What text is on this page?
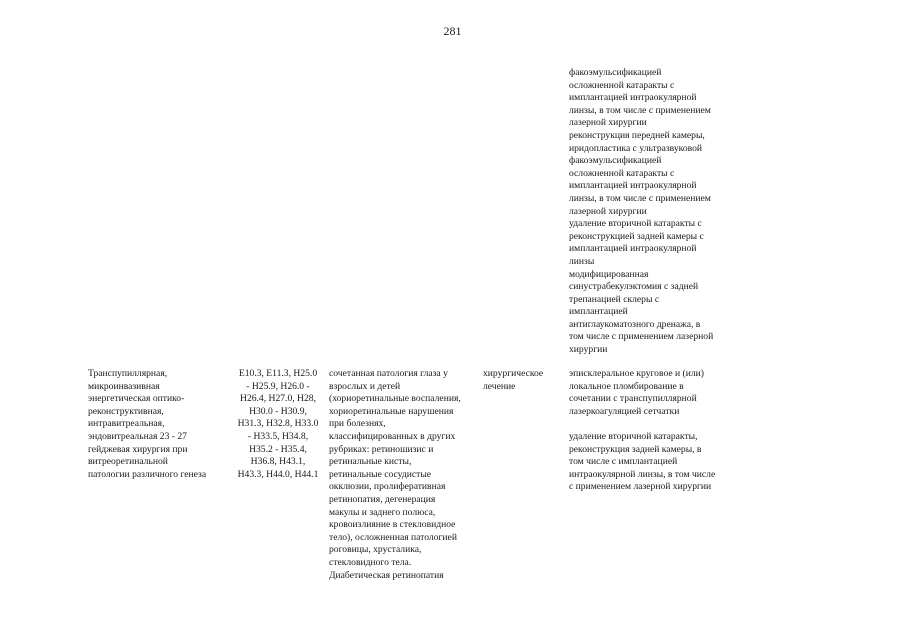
281
факоэмульсификацией
осложненной катаракты с
имплантацией интраокулярной
линзы, в том числе с применением
лазерной хирургии
реконструкция передней камеры,
иридопластика с ультразвуковой
факоэмульсификацией
осложненной катаракты с
имплантацией интраокулярной
линзы, в том числе с применением
лазерной хирургии
удаление вторичной катаракты с
реконструкцией задней камеры с
имплантацией интраокулярной
линзы
модифицированная
синустрабекулэктомия с задней
трепанацией склеры с
имплантацией
антиглаукоматозного дренажа, в
том числе с применением лазерной
хирургии
Транспупиллярная,
микроинвазивная
энергетическая оптико-
реконструктивная,
интравитреальная,
эндовитреальная 23 - 27
гейджевая хирургия при
витреоретинальной
патологии различного генеза
E10.3, E11.3, H25.0
- H25.9, H26.0 -
H26.4, H27.0, H28,
H30.0 - H30.9,
H31.3, H32.8, H33.0
- H33.5, H34.8,
H35.2 - H35.4,
H36.8, H43.1,
H43.3, H44.0, H44.1
сочетанная патология глаза у
взрослых и детей
(хориоретинальные воспаления,
хориоретинальные нарушения
при болезнях,
классифицированных в других
рубриках: ретиношизис и
ретинальные кисты,
ретинальные сосудистые
окклюзии, пролиферативная
ретинопатия, дегенерация
макулы и заднего полюса,
кровоизлияние в стекловидное
тело), осложненная патологией
роговицы, хрусталика,
стекловидного тела.
Диабетическая ретинопатия
хирургическое
лечение
эписклеральное круговое и (или)
локальное пломбирование в
сочетании с транспупиллярной
лазеркоагуляцией сетчатки
удаление вторичной катаракты,
реконструкция задней камеры, в
том числе с имплантацией
интраокулярной линзы, в том числе
с применением лазерной хирургии
